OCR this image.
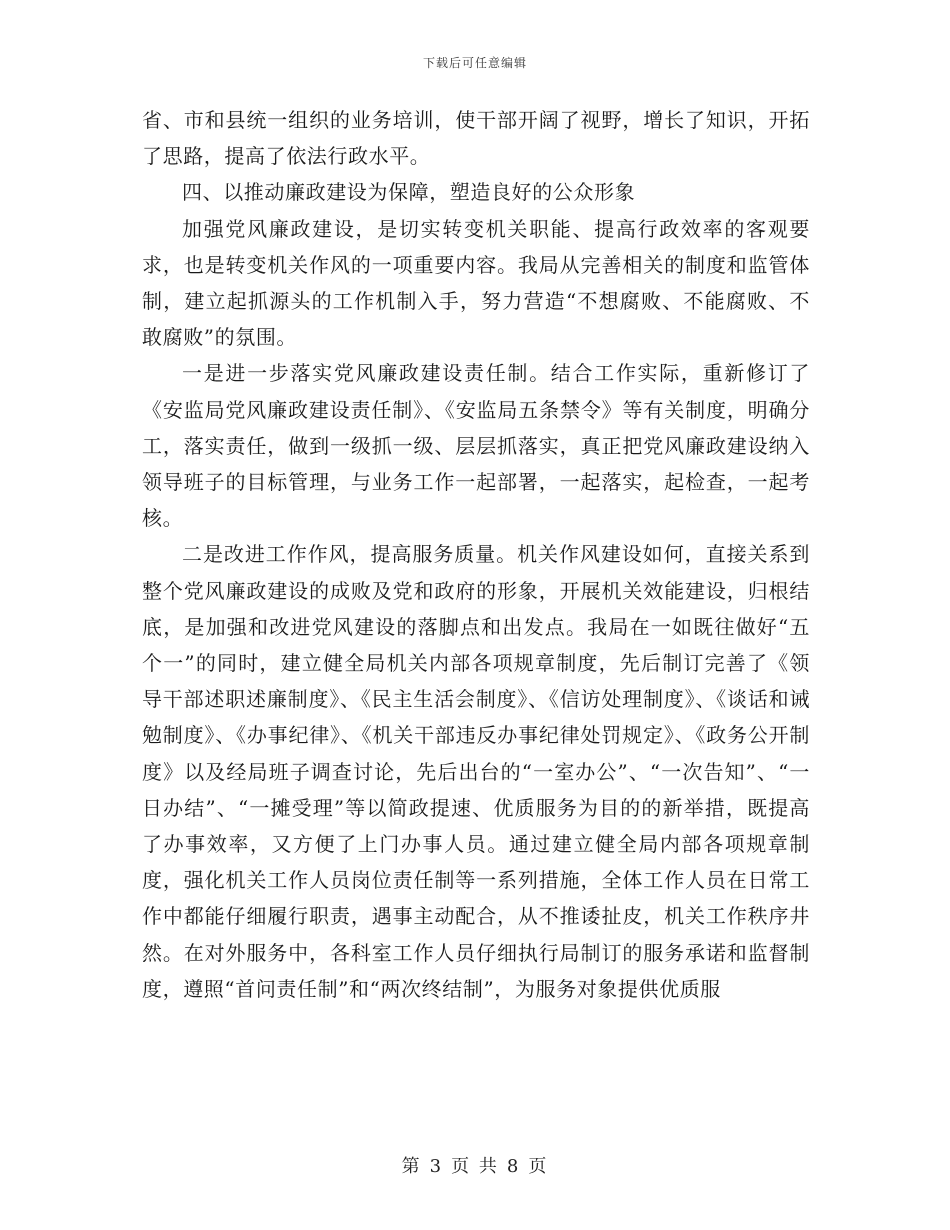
下载后可任意编辑

省、市和县统一组织的业务培训，使干部开阔了视野，增长了知识，开拓了思路，提高了依法行政水平。

四、以推动廉政建设为保障，塑造良好的公众形象

加强党风廉政建设，是切实转变机关职能、提高行政效率的客观要求，也是转变机关作风的一项重要内容。我局从完善相关的制度和监管体制，建立起抓源头的工作机制入手，努力营造“不想腐败、不能腐败、不敢腐败”的氛围。

一是进一步落实党风廉政建设责任制。结合工作实际，重新修订了《安监局党风廉政建设责任制》、《安监局五条禁令》等有关制度，明确分工，落实责任，做到一级抓一级、层层抓落实，真正把党风廉政建设纳入领导班子的目标管理，与业务工作一起部署，一起落实，起检查，一起考核。

二是改进工作作风，提高服务质量。机关作风建设如何，直接关系到整个党风廉政建设的成败及党和政府的形象，开展机关效能建设，归根结底，是加强和改进党风建设的落脚点和出发点。我局在一如既往做好“五个一”的同时，建立健全局机关内部各项规章制度，先后制订完善了《领导干部述职述廉制度》、《民主生活会制度》、《信访处理制度》、《谈话和诫勉制度》、《办事纪律》、《机关干部违反办事纪律处罚规定》、《政务公开制度》以及经局班子调查讨论，先后出台的“一室办公”、“一次告知”、“一日办结”、“一摊受理”等以简政提速、优质服务为目的的新举措，既提高了办事效率，又方便了上门办事人员。通过建立健全局内部各项规章制度，强化机关工作人员岗位责任制等一系列措施，全体工作人员在日常工作中都能仔细履行职责，遇事主动配合，从不推诿扯皮，机关工作秩序井然。在对外服务中，各科室工作人员仔细执行局制订的服务承诺和监督制度，遵照“首问责任制”和“两次终结制”，为服务对象提供优质服

第 3 页 共 8 页
